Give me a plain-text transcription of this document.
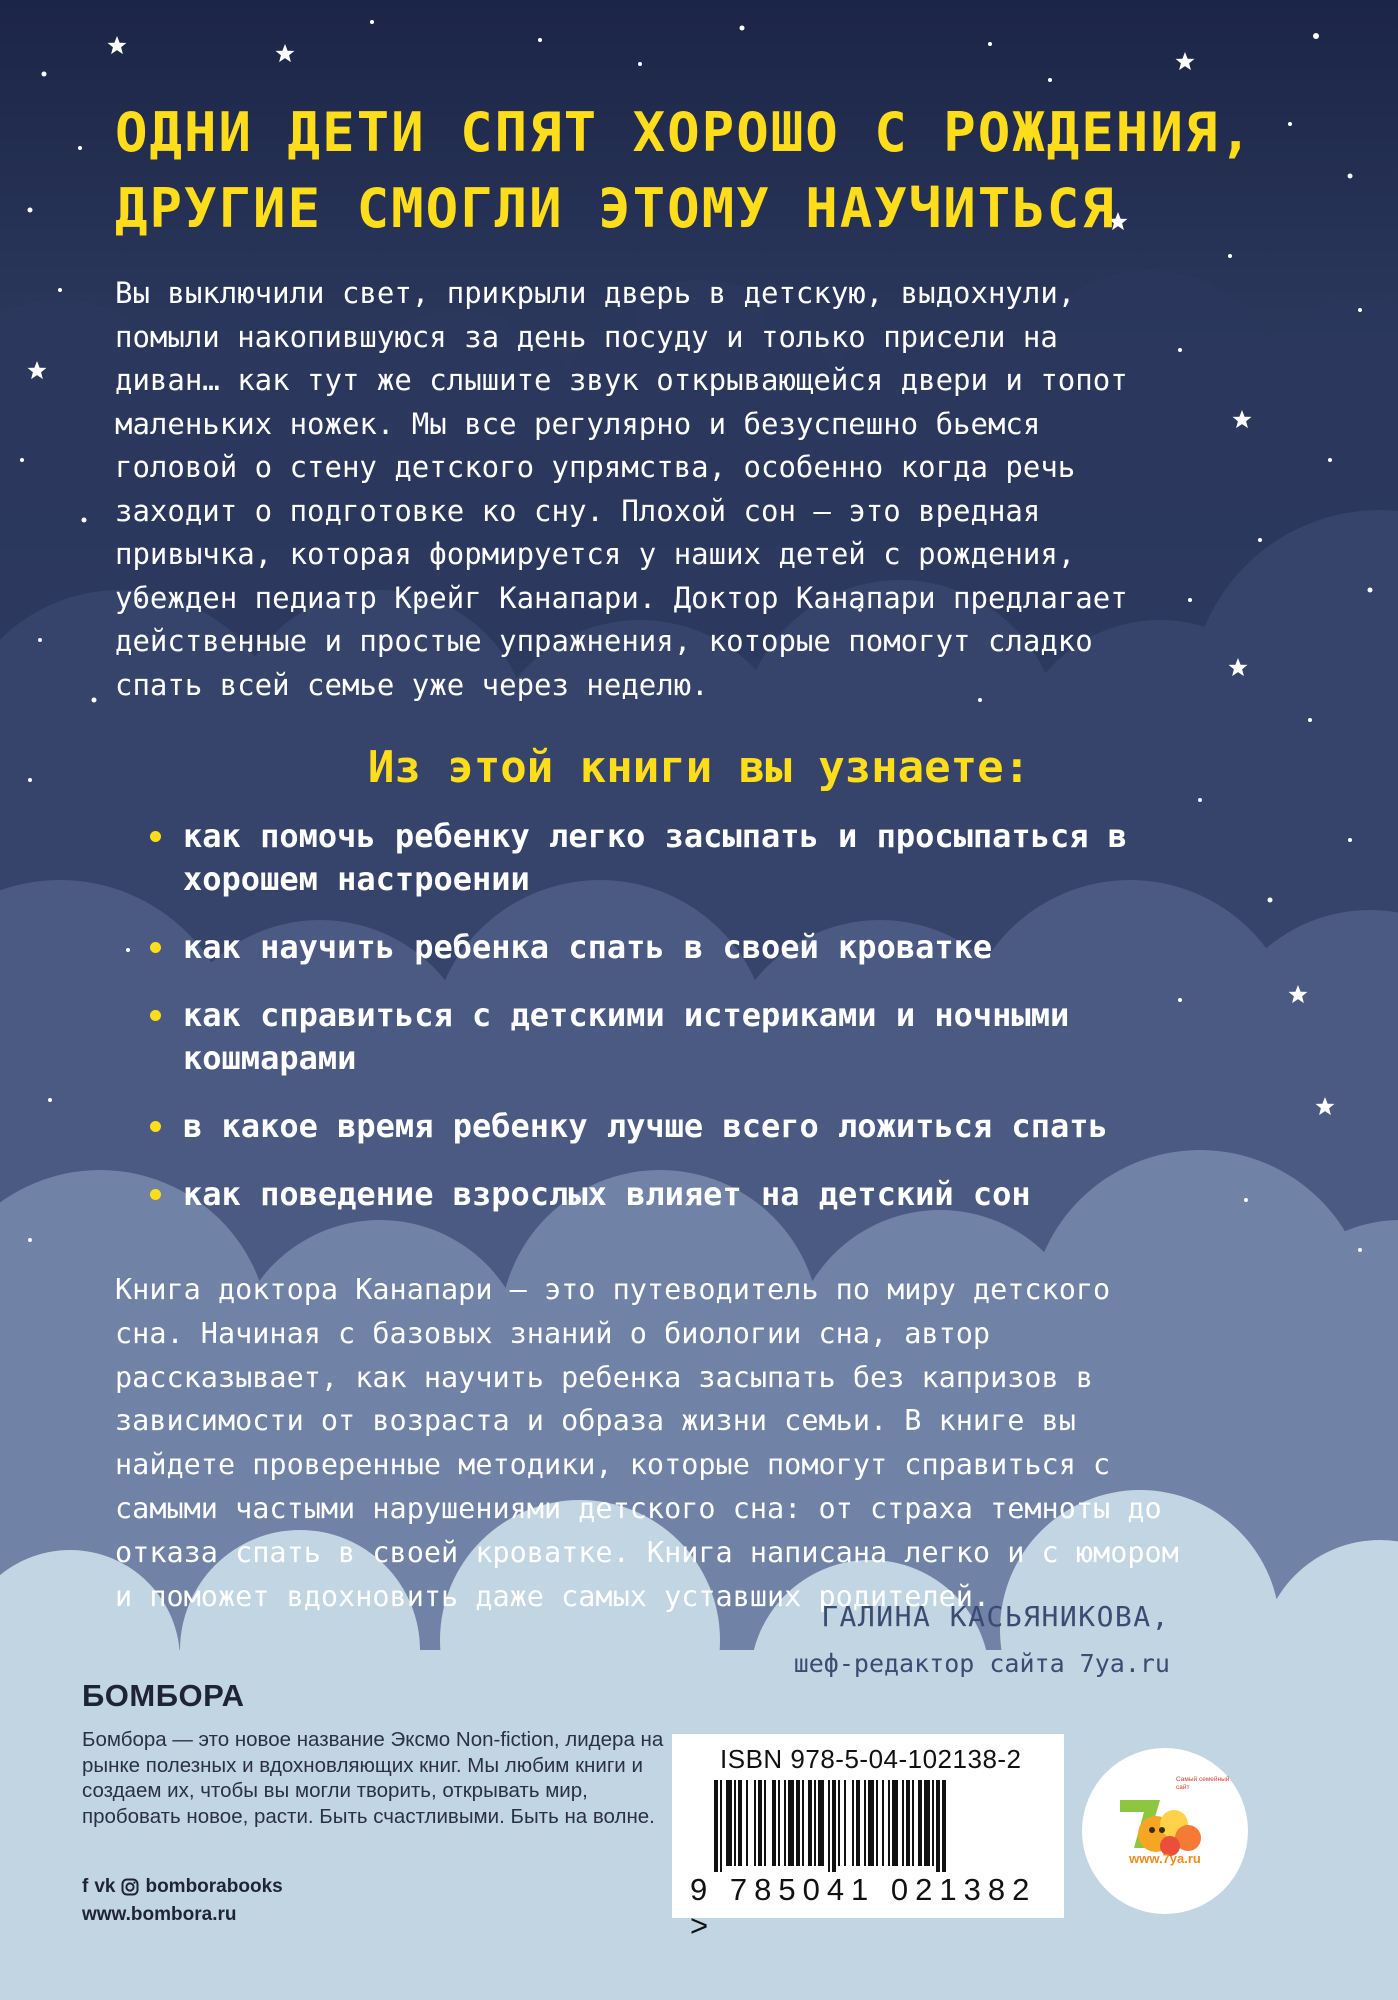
ОДНИ ДЕТИ СПЯТ ХОРОШО С РОЖДЕНИЯ,
ДРУГИЕ СМОГЛИ ЭТОМУ НАУЧИТЬСЯ

Вы выключили свет, прикрыли дверь в детскую, выдохнули, помыли накопившуюся за день посуду и только присели на диван… как тут же слышите звук открывающейся двери и топот маленьких ножек. Мы все регулярно и безуспешно бьемся головой о стену детского упрямства, особенно когда речь заходит о подготовке ко сну. Плохой сон — это вредная привычка, которая формируется у наших детей с рождения, убежден педиатр Крейг Канапари. Доктор Канапари предлагает действенные и простые упражнения, которые помогут сладко спать всей семье уже через неделю.

Из этой книги вы узнаете:
как помочь ребенку легко засыпать и просыпаться в хорошем настроении
как научить ребенка спать в своей кроватке
как справиться с детскими истериками и ночными кошмарами
в какое время ребенку лучше всего ложиться спать
как поведение взрослых влияет на детский сон

Книга доктора Канапари — это путеводитель по миру детского сна. Начиная с базовых знаний о биологии сна, автор рассказывает, как научить ребенка засыпать без капризов в зависимости от возраста и образа жизни семьи. В книге вы найдете проверенные методики, которые помогут справиться с самыми частыми нарушениями детского сна: от страха темноты до отказа спать в своей кроватке. Книга написана легко и с юмором и поможет вдохновить даже самых уставших родителей.

ГАЛИНА КАСЬЯНИКОВА,
шеф-редактор сайта 7ya.ru
БОМБОРА

Бомбора — это новое название Эксмо Non-fiction, лидера на рынке полезных и вдохновляющих книг. Мы любим книги и создаем их, чтобы вы могли творить, открывать мир, пробовать новое, расти. Быть счастливыми. Быть на волне.

f vk bomborabooks
www.bombora.ru
ISBN 978-5-04-102138-2
9 785041 021382 >
Самый семейный сайт
www.7ya.ru
